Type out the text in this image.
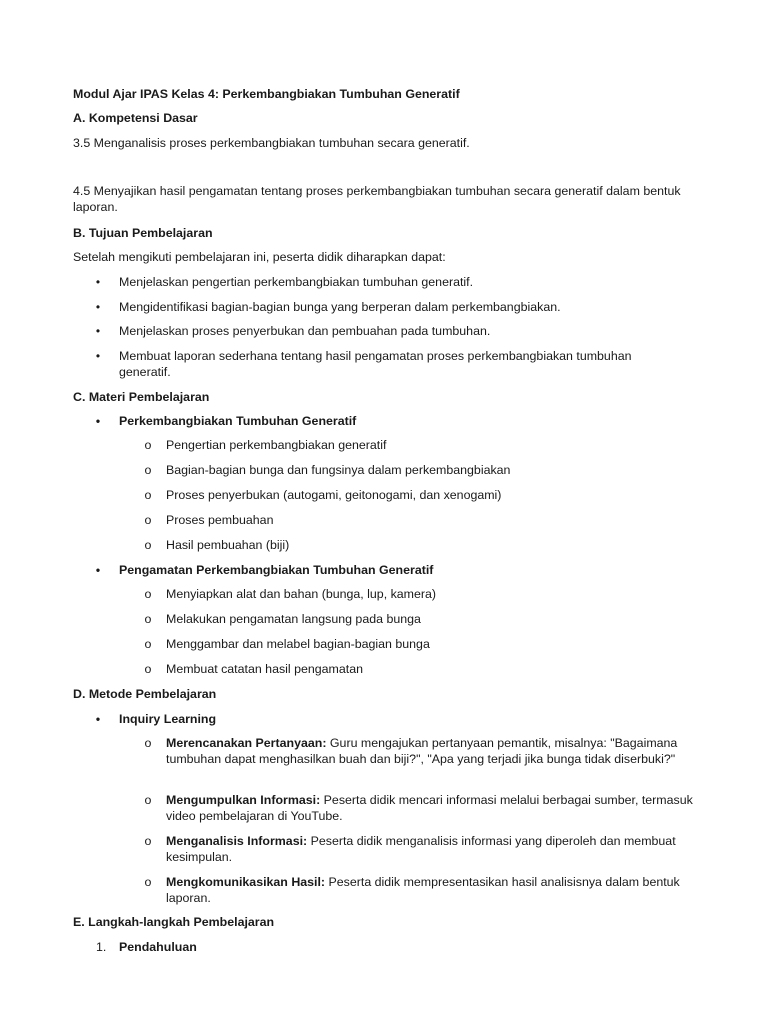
Modul Ajar IPAS Kelas 4: Perkembangbiakan Tumbuhan Generatif

A. Kompetensi Dasar

3.5 Menganalisis proses perkembangbiakan tumbuhan secara generatif.

4.5 Menyajikan hasil pengamatan tentang proses perkembangbiakan tumbuhan secara generatif dalam bentuk laporan.

B. Tujuan Pembelajaran

Setelah mengikuti pembelajaran ini, peserta didik diharapkan dapat:

• Menjelaskan pengertian perkembangbiakan tumbuhan generatif.
• Mengidentifikasi bagian-bagian bunga yang berperan dalam perkembangbiakan.
• Menjelaskan proses penyerbukan dan pembuahan pada tumbuhan.
• Membuat laporan sederhana tentang hasil pengamatan proses perkembangbiakan tumbuhan generatif.

C. Materi Pembelajaran

• Perkembangbiakan Tumbuhan Generatif
o Pengertian perkembangbiakan generatif
o Bagian-bagian bunga dan fungsinya dalam perkembangbiakan
o Proses penyerbukan (autogami, geitonogami, dan xenogami)
o Proses pembuahan
o Hasil pembuahan (biji)
• Pengamatan Perkembangbiakan Tumbuhan Generatif
o Menyiapkan alat dan bahan (bunga, lup, kamera)
o Melakukan pengamatan langsung pada bunga
o Menggambar dan melabel bagian-bagian bunga
o Membuat catatan hasil pengamatan

D. Metode Pembelajaran

• Inquiry Learning
o Merencanakan Pertanyaan: Guru mengajukan pertanyaan pemantik, misalnya: "Bagaimana tumbuhan dapat menghasilkan buah dan biji?", "Apa yang terjadi jika bunga tidak diserbuki?"
o Mengumpulkan Informasi: Peserta didik mencari informasi melalui berbagai sumber, termasuk video pembelajaran di YouTube.
o Menganalisis Informasi: Peserta didik menganalisis informasi yang diperoleh dan membuat kesimpulan.
o Mengkomunikasikan Hasil: Peserta didik mempresentasikan hasil analisisnya dalam bentuk laporan.

E. Langkah-langkah Pembelajaran

1. Pendahuluan
